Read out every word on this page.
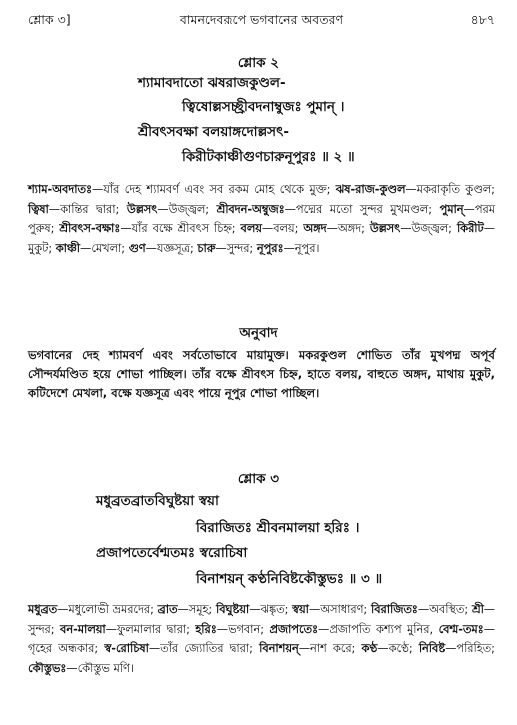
শ্লোক ৩]	বামনদেবরূপে ভগবানের অবতরণ	৪৮৭
শ্লোক ২
শ্যামাবদাতো ঝষরাজকুণ্ডল-
ত্বিষোল্লসচ্ছ্রীবদনাম্বুজঃ পুমান্ ।
শ্রীবৎসবক্ষা বলয়াঙ্গদোল্লসৎ-
কিরীটকাঞ্চীগুণচারুনূপুরঃ ॥ ২ ॥
শ্যাম-অবদাতঃ—যাঁর দেহ শ্যামবর্ণ এবং সব রকম মোহ থেকে মুক্ত; ঝষ-রাজ-কুণ্ডল—মকরাকৃতি কুণ্ডল; ত্বিষা—কান্তির দ্বারা; উল্লসৎ—উজ্জ্বল; শ্রীবদন-অম্বুজঃ—পদ্মের মতো সুন্দর মুখমণ্ডল; পুমান্—পরম পুরুষ; শ্রীবৎস-বক্ষাঃ—যাঁর বক্ষে শ্রীবৎস চিহ্ন; বলয়—বলয়; অঙ্গদ—অঙ্গদ; উল্লসৎ—উজ্জ্বল; কিরীট—মুকুট; কাঞ্চী—মেখলা; গুণ—যজ্ঞসূত্র; চারু—সুন্দর; নূপুরঃ—নূপুর।
অনুবাদ
ভগবানের দেহ শ্যামবর্ণ এবং সর্বতোভাবে মায়ামুক্ত। মকরকুণ্ডল শোভিত তাঁর মুখপদ্ম অপূর্ব সৌন্দর্যমণ্ডিত হয়ে শোভা পাচ্ছিল। তাঁর বক্ষে শ্রীবৎস চিহ্ন, হাতে বলয়, বাহুতে অঙ্গদ, মাথায় মুকুট, কটিদেশে মেখলা, বক্ষে যজ্ঞসূত্র এবং পায়ে নূপুর শোভা পাচ্ছিল।
শ্লোক ৩
মধুব্রতব্রাতবিঘুষ্টয়া স্বয়া
বিরাজিতঃ শ্রীবনমালয়া হরিঃ ।
প্রজাপতের্বেশ্মতমঃ স্বরোচিষা
বিনাশয়ন্ কণ্ঠনিবিষ্টকৌস্তুভঃ ॥ ৩ ॥
মধুব্রত—মধুলোভী ভ্রমরদের; ব্রাত—সমূহ; বিঘুষ্টয়া—ঝঙ্কৃত; স্বয়া—অসাধারণ; বিরাজিতঃ—অবস্থিত; শ্রী—সুন্দর; বন-মালয়া—ফুলমালার দ্বারা; হরিঃ—ভগবান; প্রজাপতেঃ—প্রজাপতি কশ্যপ মুনির, বেশ্ম-তমঃ—গৃহের অন্ধকার; স্ব-রোচিষা—তাঁর জ্যোতির দ্বারা; বিনাশয়ন্—নাশ করে; কণ্ঠ—কণ্ঠে; নিবিষ্ট—পরিহিত; কৌস্তুভঃ—কৌস্তুভ মণি।
